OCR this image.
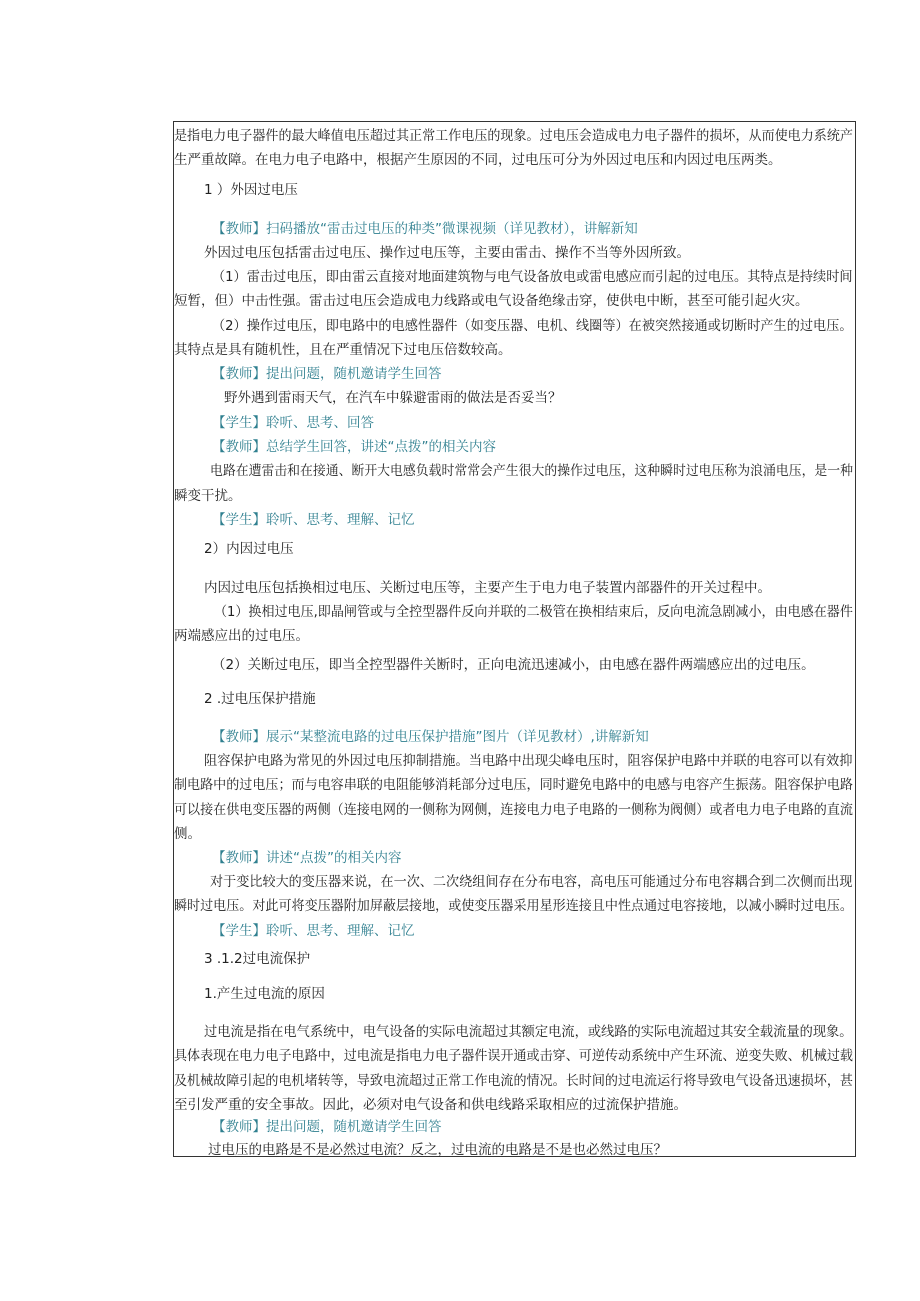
是指电力电子器件的最大峰值电压超过其正常工作电压的现象。过电压会造成电力电子器件的损坏，从而使电力系统产
生严重故障。在电力电子电路中，根据产生原因的不同，过电压可分为外因过电压和内因过电压两类。
1 ）外因过电压
【教师】扫码播放“雷击过电压的种类”微课视频（详见教材），讲解新知
外因过电压包括雷击过电压、操作过电压等，主要由雷击、操作不当等外因所致。
（1）雷击过电压，即由雷云直接对地面建筑物与电气设备放电或雷电感应而引起的过电压。其特点是持续时间
短暂，但）中击性强。雷击过电压会造成电力线路或电气设备绝缘击穿，使供电中断，甚至可能引起火灾。
（2）操作过电压，即电路中的电感性器件（如变压器、电机、线圈等）在被突然接通或切断时产生的过电压。
其特点是具有随机性，且在严重情况下过电压倍数较高。
【教师】提出问题，随机邀请学生回答
野外遇到雷雨天气，在汽车中躲避雷雨的做法是否妥当？
【学生】聆听、思考、回答
【教师】总结学生回答，讲述“点拨”的相关内容
电路在遭雷击和在接通、断开大电感负载时常常会产生很大的操作过电压，这种瞬时过电压称为浪涌电压，是一种
瞬变干扰。
【学生】聆听、思考、理解、记忆
2）内因过电压
内因过电压包括换相过电压、关断过电压等，主要产生于电力电子装置内部器件的开关过程中。
（1）换相过电压,即晶闸管或与全控型器件反向并联的二极管在换相结束后，反向电流急剧减小，由电感在器件
两端感应出的过电压。
（2）关断过电压，即当全控型器件关断时，正向电流迅速减小，由电感在器件两端感应出的过电压。
2 .过电压保护措施
【教师】展示“某整流电路的过电压保护措施”图片（详见教材）,讲解新知
阻容保护电路为常见的外因过电压抑制措施。当电路中出现尖峰电压时，阻容保护电路中并联的电容可以有效抑
制电路中的过电压；而与电容串联的电阻能够消耗部分过电压，同时避免电路中的电感与电容产生振荡。阻容保护电路
可以接在供电变压器的两侧（连接电网的一侧称为网侧，连接电力电子电路的一侧称为阀侧）或者电力电子电路的直流
侧。
【教师】讲述“点拨”的相关内容
对于变比较大的变压器来说，在一次、二次绕组间存在分布电容，高电压可能通过分布电容耦合到二次侧而出现
瞬时过电压。对此可将变压器附加屏蔽层接地，或使变压器采用星形连接且中性点通过电容接地，以减小瞬时过电压。
【学生】聆听、思考、理解、记忆
3 .1.2过电流保护
1.产生过电流的原因
过电流是指在电气系统中，电气设备的实际电流超过其额定电流，或线路的实际电流超过其安全载流量的现象。
具体表现在电力电子电路中，过电流是指电力电子器件误开通或击穿、可逆传动系统中产生环流、逆变失败、机械过载
及机械故障引起的电机堵转等，导致电流超过正常工作电流的情况。长时间的过电流运行将导致电气设备迅速损坏，甚
至引发严重的安全事故。因此，必须对电气设备和供电线路采取相应的过流保护措施。
【教师】提出问题，随机邀请学生回答
过电压的电路是不是必然过电流？反之，过电流的电路是不是也必然过电压？
